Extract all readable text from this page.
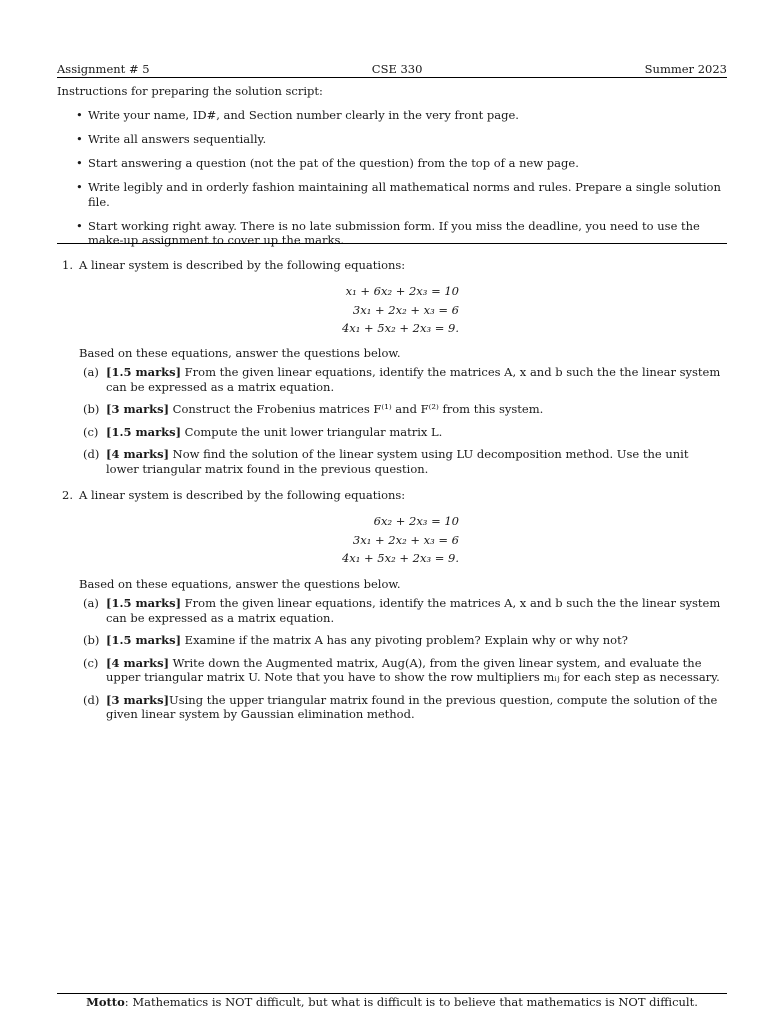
Assignment # 5	CSE 330	Summer 2023
Instructions for preparing the solution script:
• Write your name, ID#, and Section number clearly in the very front page.
• Write all answers sequentially.
• Start answering a question (not the pat of the question) from the top of a new page.
• Write legibly and in orderly fashion maintaining all mathematical norms and rules. Prepare a single solution file.
• Start working right away. There is no late submission form. If you miss the deadline, you need to use the make-up assignment to cover up the marks.
1. A linear system is described by the following equations:
x₁ + 6x₂ + 2x₃ = 10
3x₁ + 2x₂ + x₃ = 6
4x₁ + 5x₂ + 2x₃ = 9.
Based on these equations, answer the questions below.
(a) [1.5 marks] From the given linear equations, identify the matrices A, x and b such the the linear system can be expressed as a matrix equation.
(b) [3 marks] Construct the Frobenius matrices F⁽¹⁾ and F⁽²⁾ from this system.
(c) [1.5 marks] Compute the unit lower triangular matrix L.
(d) [4 marks] Now find the solution of the linear system using LU decomposition method. Use the unit lower triangular matrix found in the previous question.
2. A linear system is described by the following equations:
6x₂ + 2x₃ = 10
3x₁ + 2x₂ + x₃ = 6
4x₁ + 5x₂ + 2x₃ = 9.
Based on these equations, answer the questions below.
(a) [1.5 marks] From the given linear equations, identify the matrices A, x and b such the the linear system can be expressed as a matrix equation.
(b) [1.5 marks] Examine if the matrix A has any pivoting problem? Explain why or why not?
(c) [4 marks] Write down the Augmented matrix, Aug(A), from the given linear system, and evaluate the upper triangular matrix U. Note that you have to show the row multipliers mᵢⱼ for each step as necessary.
(d) [3 marks]Using the upper triangular matrix found in the previous question, compute the solution of the given linear system by Gaussian elimination method.
Motto: Mathematics is NOT difficult, but what is difficult is to believe that mathematics is NOT difficult.
